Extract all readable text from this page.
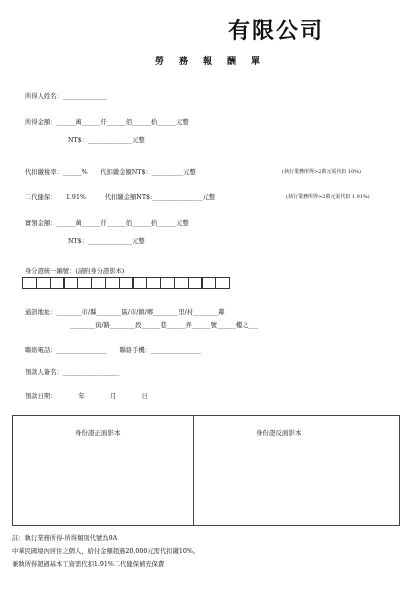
有限公司
勞務報酬單
所得人姓名：______________
所得金額：______萬______仟______佰______拾______元整
NT$：______________元整
代扣繳稅率：______%　　代扣繳金額NT$：__________元整	(執行業務所得>2萬元需代扣 10%)
二代健保：　　1.91%　　　代扣繳金額NT$:________________元整	(執行業務所得>2萬元需代扣 1.91%)
實領金額：______萬______仟______佰______拾______元整
NT$：______________元整
身分證統一編號：(請附身分證影本)
通訊地址：________市/縣________區/市/鎮/鄉________里/村________鄰
________街/路________段______巷______弄______號______樓之___
聯絡電話：________________　　聯絡手機：________________
領款人簽名：__________________
領款日期：　　　　年　　　　月　　　　日
身份證正面影本	身份證反面影本
註：執行業務所得-所得類別代號為9A
中華民國境內居住之個人，給付金額超過20,000元需代扣繳10%。
兼執所得超過基本工資需代扣1.91%二代健保補充保費
